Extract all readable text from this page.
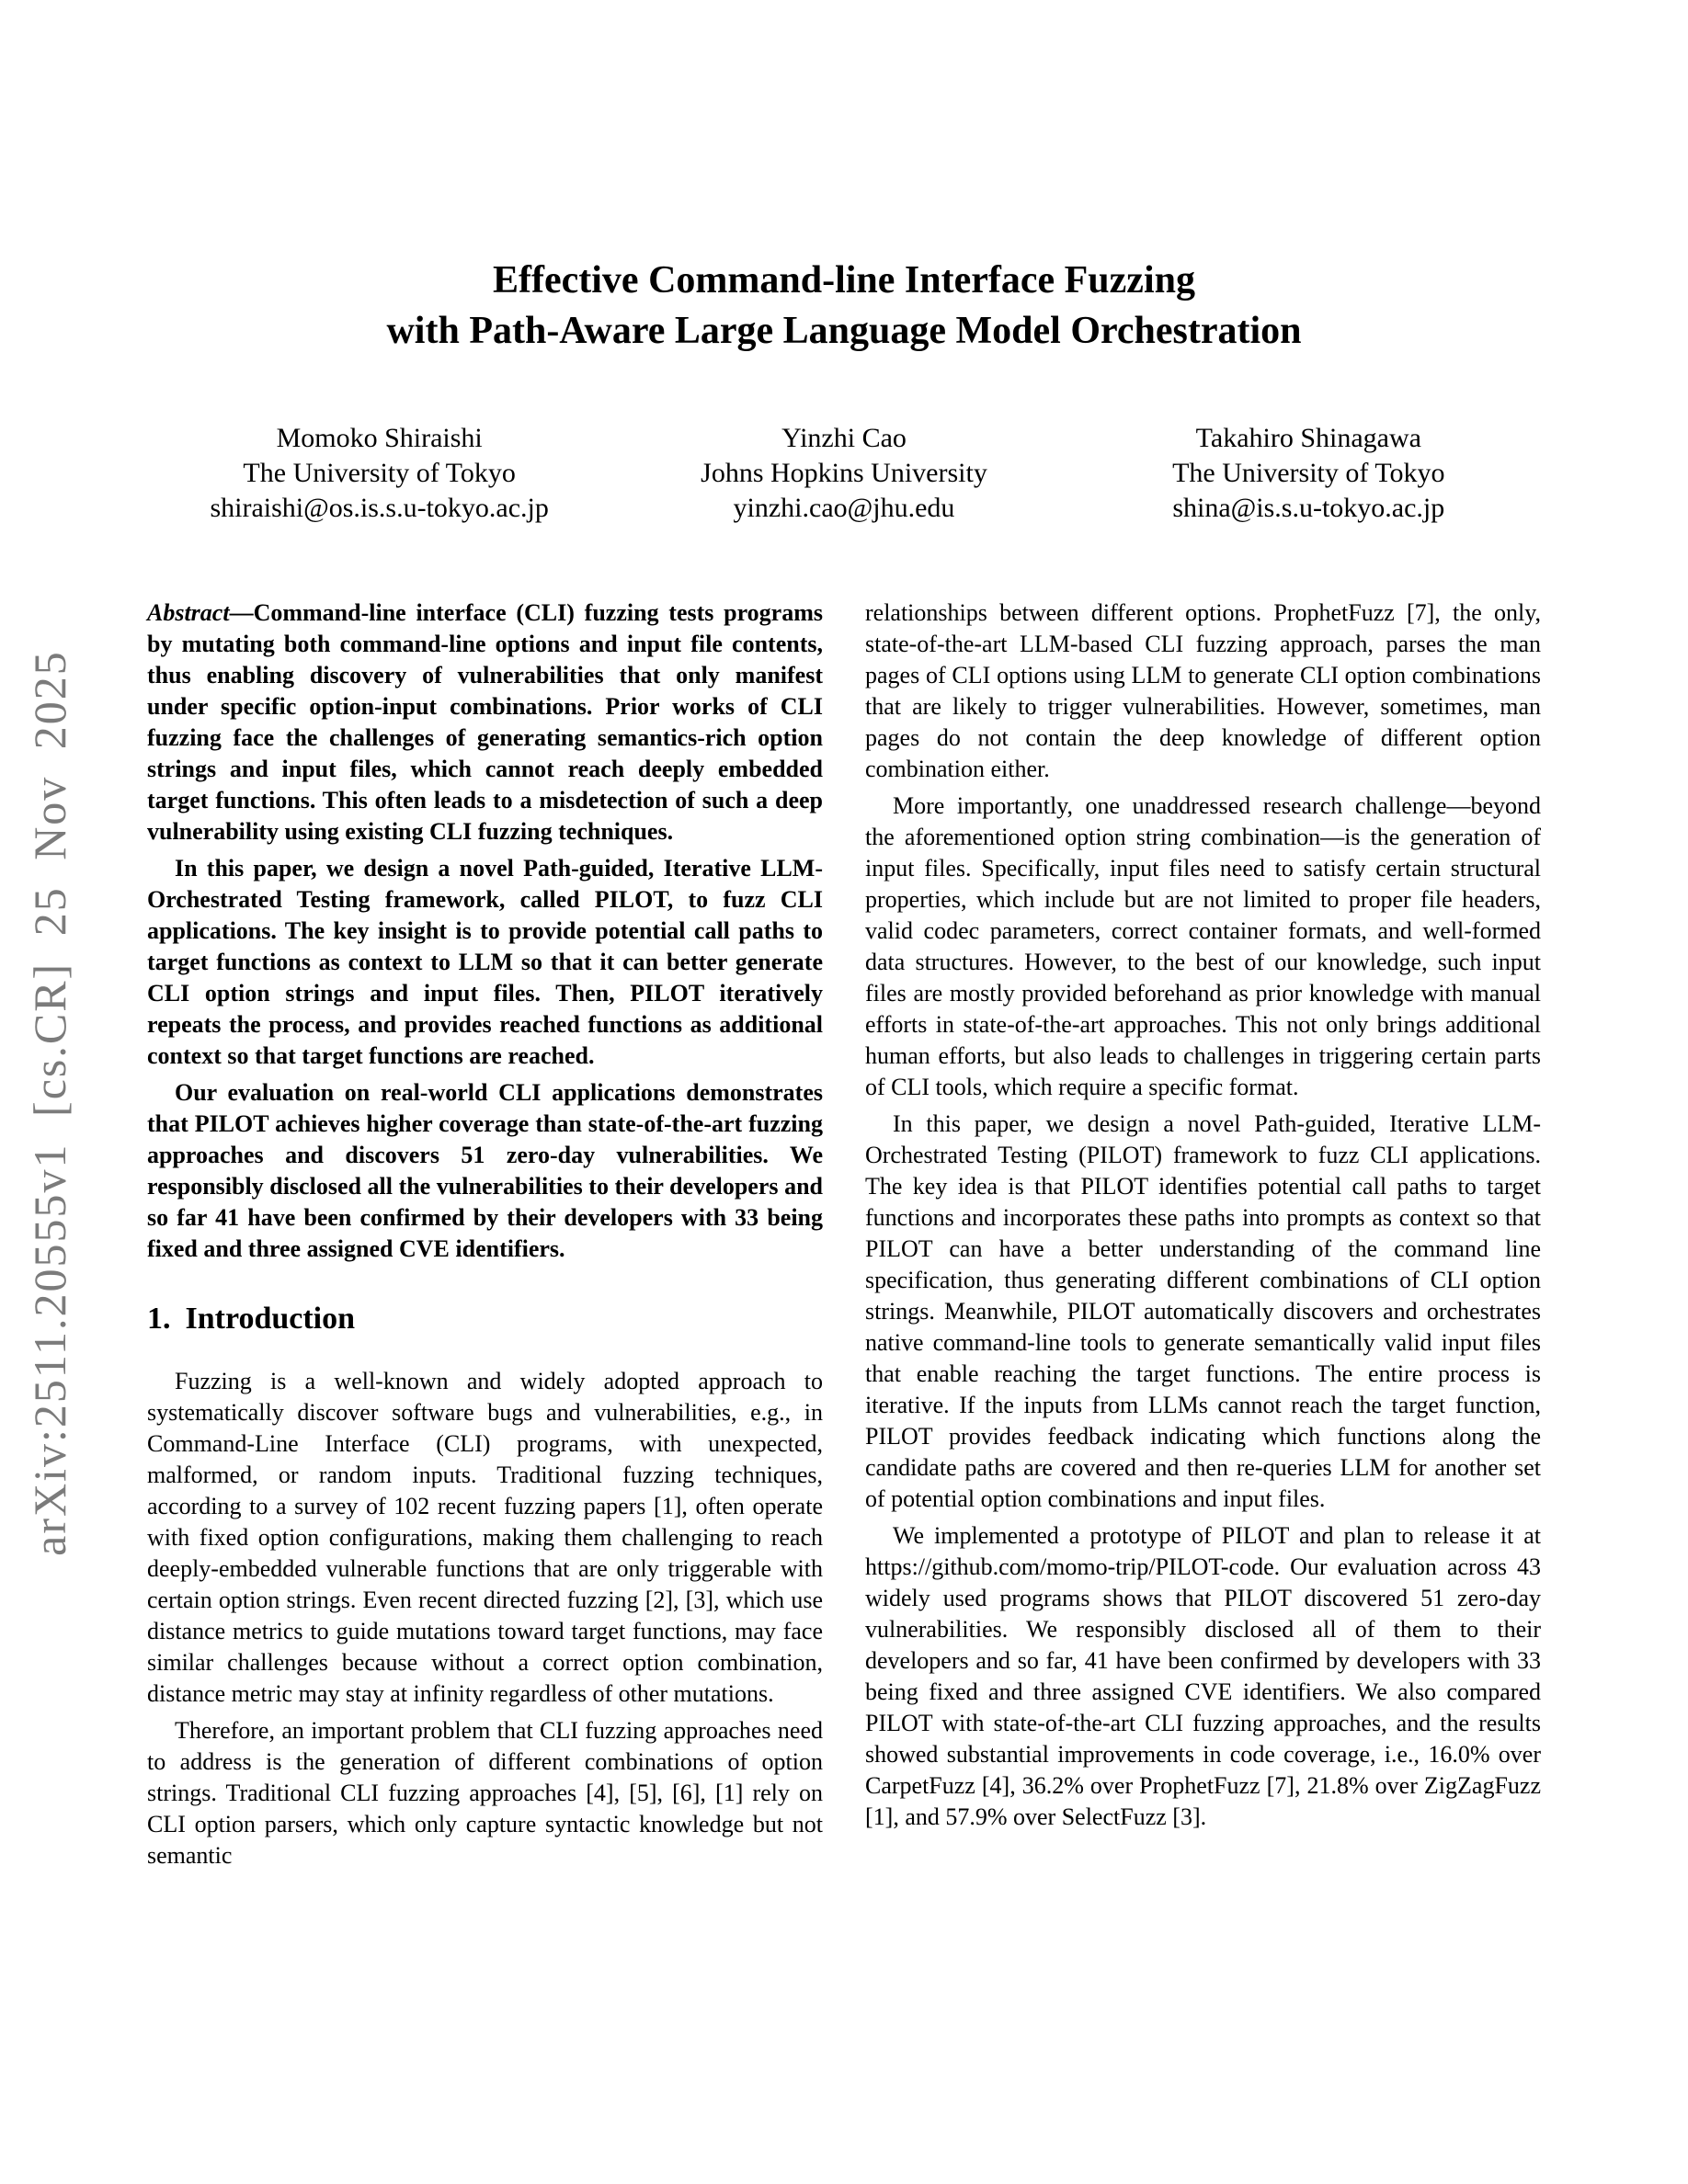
arXiv:2511.20555v1 [cs.CR] 25 Nov 2025
Effective Command-line Interface Fuzzing
with Path-Aware Large Language Model Orchestration
Momoko Shiraishi
The University of Tokyo
shiraishi@os.is.s.u-tokyo.ac.jp
Yinzhi Cao
Johns Hopkins University
yinzhi.cao@jhu.edu
Takahiro Shinagawa
The University of Tokyo
shina@is.s.u-tokyo.ac.jp

Abstract—Command-line interface (CLI) fuzzing tests programs by mutating both command-line options and input file contents, thus enabling discovery of vulnerabilities that only manifest under specific option-input combinations. Prior works of CLI fuzzing face the challenges of generating semantics-rich option strings and input files, which cannot reach deeply embedded target functions. This often leads to a misdetection of such a deep vulnerability using existing CLI fuzzing techniques.

In this paper, we design a novel Path-guided, Iterative LLM-Orchestrated Testing framework, called PILOT, to fuzz CLI applications. The key insight is to provide potential call paths to target functions as context to LLM so that it can better generate CLI option strings and input files. Then, PILOT iteratively repeats the process, and provides reached functions as additional context so that target functions are reached.

Our evaluation on real-world CLI applications demonstrates that PILOT achieves higher coverage than state-of-the-art fuzzing approaches and discovers 51 zero-day vulnerabilities. We responsibly disclosed all the vulnerabilities to their developers and so far 41 have been confirmed by their developers with 33 being fixed and three assigned CVE identifiers.

1. Introduction

Fuzzing is a well-known and widely adopted approach to systematically discover software bugs and vulnerabilities, e.g., in Command-Line Interface (CLI) programs, with unexpected, malformed, or random inputs. Traditional fuzzing techniques, according to a survey of 102 recent fuzzing papers [1], often operate with fixed option configurations, making them challenging to reach deeply-embedded vulnerable functions that are only triggerable with certain option strings. Even recent directed fuzzing [2], [3], which use distance metrics to guide mutations toward target functions, may face similar challenges because without a correct option combination, distance metric may stay at infinity regardless of other mutations.

Therefore, an important problem that CLI fuzzing approaches need to address is the generation of different combinations of option strings. Traditional CLI fuzzing approaches [4], [5], [6], [1] rely on CLI option parsers, which only capture syntactic knowledge but not semantic

relationships between different options. ProphetFuzz [7], the only, state-of-the-art LLM-based CLI fuzzing approach, parses the man pages of CLI options using LLM to generate CLI option combinations that are likely to trigger vulnerabilities. However, sometimes, man pages do not contain the deep knowledge of different option combination either.

More importantly, one unaddressed research challenge—beyond the aforementioned option string combination—is the generation of input files. Specifically, input files need to satisfy certain structural properties, which include but are not limited to proper file headers, valid codec parameters, correct container formats, and well-formed data structures. However, to the best of our knowledge, such input files are mostly provided beforehand as prior knowledge with manual efforts in state-of-the-art approaches. This not only brings additional human efforts, but also leads to challenges in triggering certain parts of CLI tools, which require a specific format.

In this paper, we design a novel Path-guided, Iterative LLM-Orchestrated Testing (PILOT) framework to fuzz CLI applications. The key idea is that PILOT identifies potential call paths to target functions and incorporates these paths into prompts as context so that PILOT can have a better understanding of the command line specification, thus generating different combinations of CLI option strings. Meanwhile, PILOT automatically discovers and orchestrates native command-line tools to generate semantically valid input files that enable reaching the target functions. The entire process is iterative. If the inputs from LLMs cannot reach the target function, PILOT provides feedback indicating which functions along the candidate paths are covered and then re-queries LLM for another set of potential option combinations and input files.

We implemented a prototype of PILOT and plan to release it at https://github.com/momo-trip/PILOT-code. Our evaluation across 43 widely used programs shows that PILOT discovered 51 zero-day vulnerabilities. We responsibly disclosed all of them to their developers and so far, 41 have been confirmed by developers with 33 being fixed and three assigned CVE identifiers. We also compared PILOT with state-of-the-art CLI fuzzing approaches, and the results showed substantial improvements in code coverage, i.e., 16.0% over CarpetFuzz [4], 36.2% over ProphetFuzz [7], 21.8% over ZigZagFuzz [1], and 57.9% over SelectFuzz [3].
